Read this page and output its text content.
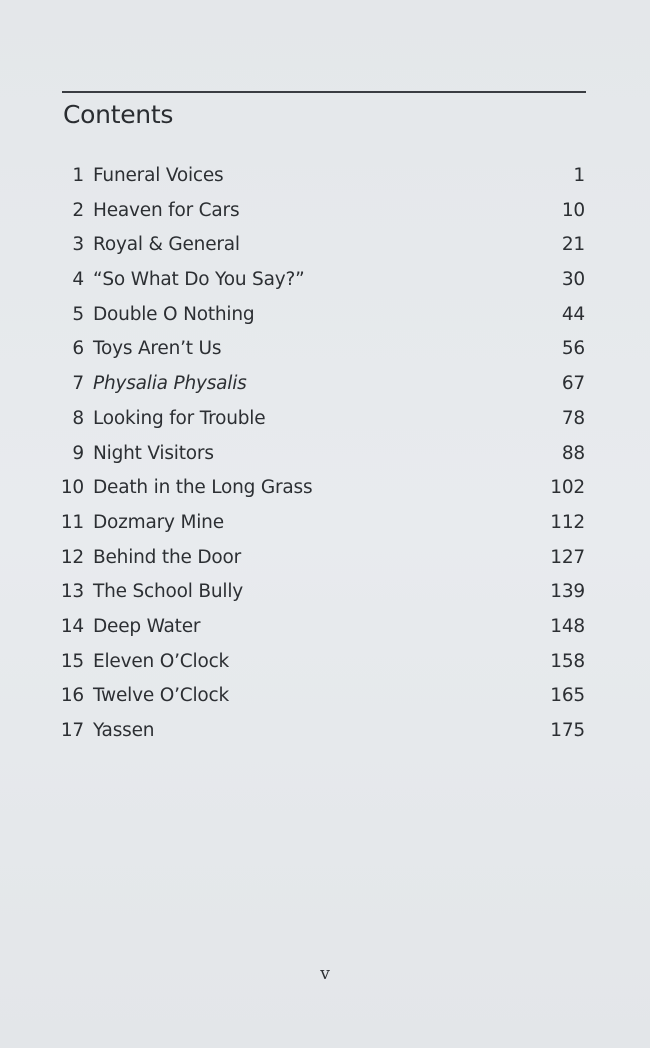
Contents
1 Funeral Voices	1
2 Heaven for Cars	10
3 Royal & General	21
4 “So What Do You Say?”	30
5 Double O Nothing	44
6 Toys Aren’t Us	56
7 Physalia Physalis	67
8 Looking for Trouble	78
9 Night Visitors	88
10 Death in the Long Grass	102
11 Dozmary Mine	112
12 Behind the Door	127
13 The School Bully	139
14 Deep Water	148
15 Eleven O’Clock	158
16 Twelve O’Clock	165
17 Yassen	175
v
